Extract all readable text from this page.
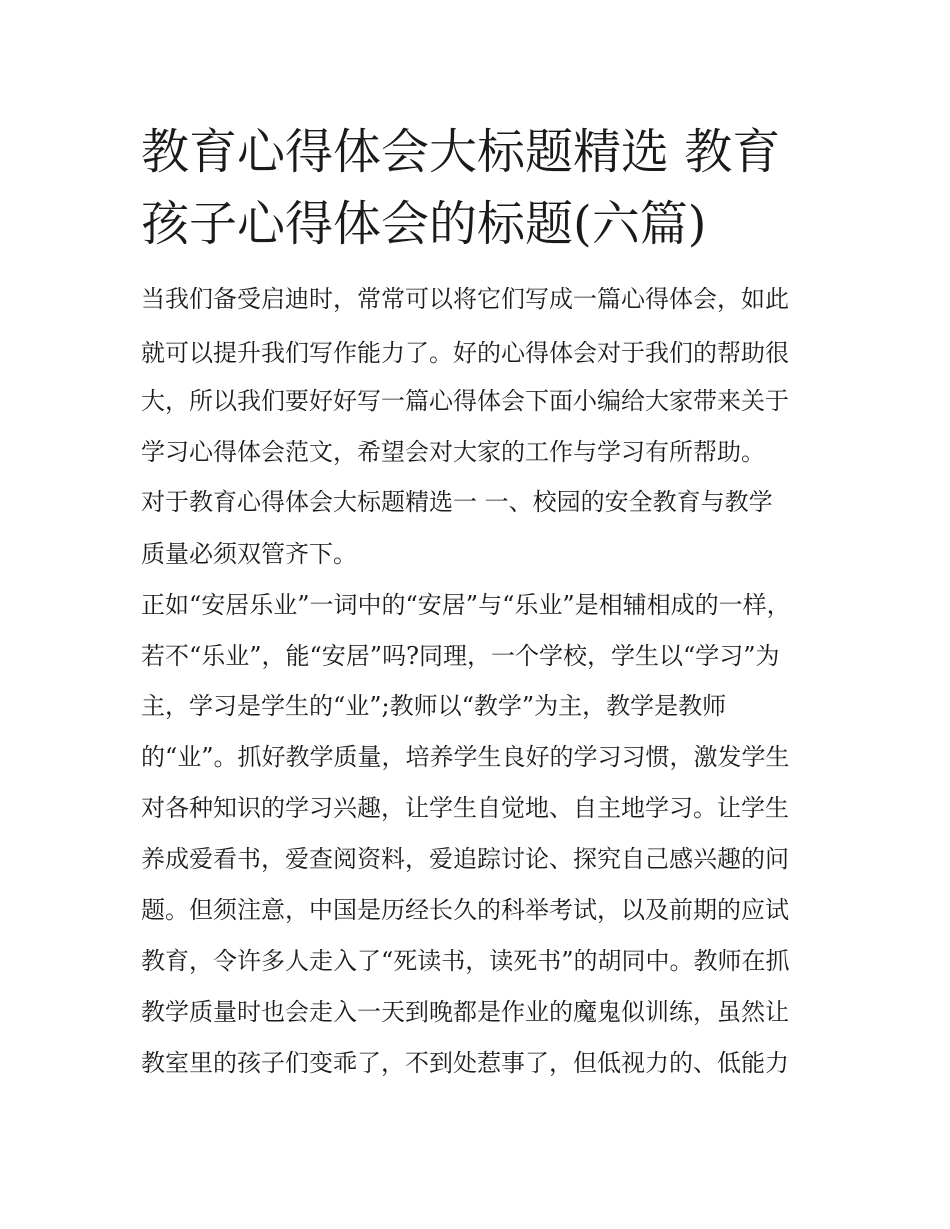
教育心得体会大标题精选 教育
孩子心得体会的标题(六篇)
当我们备受启迪时，常常可以将它们写成一篇心得体会，如此
就可以提升我们写作能力了。好的心得体会对于我们的帮助很
大，所以我们要好好写一篇心得体会下面小编给大家带来关于
学习心得体会范文，希望会对大家的工作与学习有所帮助。
对于教育心得体会大标题精选一 一、校园的安全教育与教学
质量必须双管齐下。
正如“安居乐业”一词中的“安居”与“乐业”是相辅相成的一样，
若不“乐业”，能“安居”吗?同理，一个学校，学生以“学习”为
主，学习是学生的“业”;教师以“教学”为主，教学是教师
的“业”。抓好教学质量，培养学生良好的学习习惯，激发学生
对各种知识的学习兴趣，让学生自觉地、自主地学习。让学生
养成爱看书，爱查阅资料，爱追踪讨论、探究自己感兴趣的问
题。但须注意，中国是历经长久的科举考试，以及前期的应试
教育，令许多人走入了“死读书，读死书”的胡同中。教师在抓
教学质量时也会走入一天到晚都是作业的魔鬼似训练，虽然让
教室里的孩子们变乖了，不到处惹事了，但低视力的、低能力
